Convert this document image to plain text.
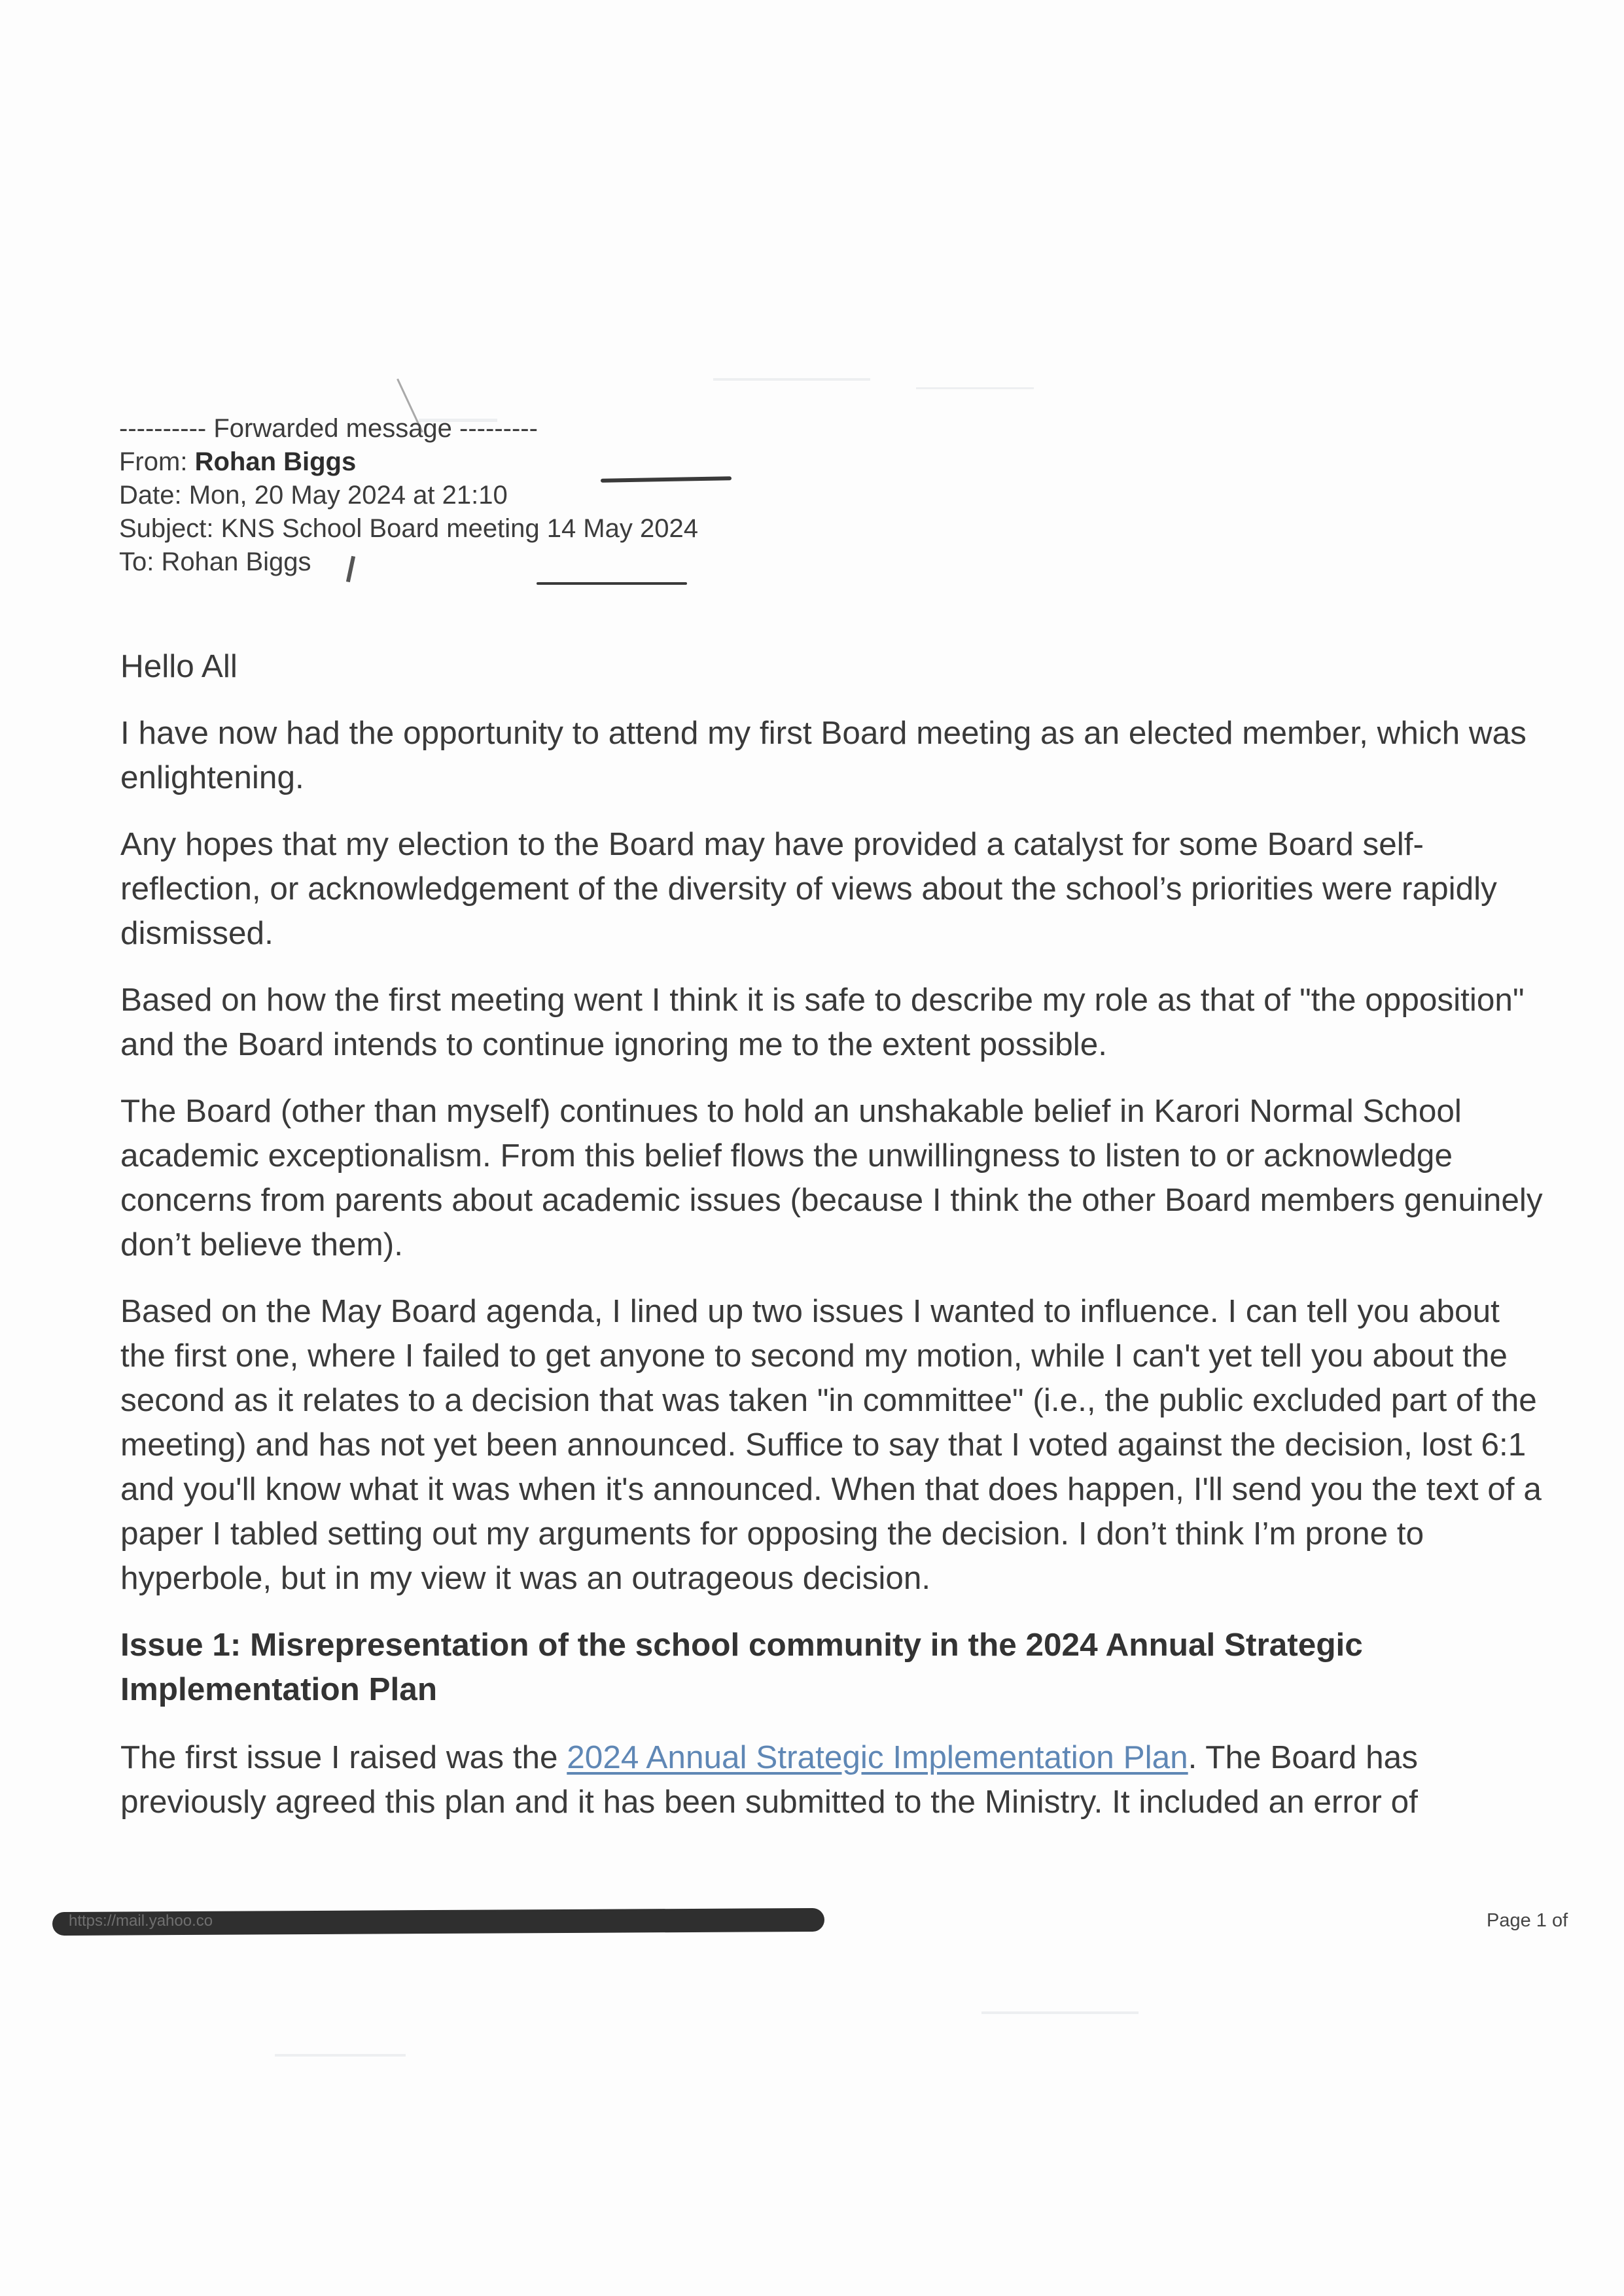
---------- Forwarded message ---------
From: Rohan Biggs
Date: Mon, 20 May 2024 at 21:10
Subject: KNS School Board meeting 14 May 2024
To: Rohan Biggs

Hello All

I have now had the opportunity to attend my first Board meeting as an elected member, which was enlightening.

Any hopes that my election to the Board may have provided a catalyst for some Board self-reflection, or acknowledgement of the diversity of views about the school’s priorities were rapidly dismissed.

Based on how the first meeting went I think it is safe to describe my role as that of "the opposition" and the Board intends to continue ignoring me to the extent possible.

The Board (other than myself) continues to hold an unshakable belief in Karori Normal School academic exceptionalism. From this belief flows the unwillingness to listen to or acknowledge concerns from parents about academic issues (because I think the other Board members genuinely don’t believe them).

Based on the May Board agenda, I lined up two issues I wanted to influence. I can tell you about the first one, where I failed to get anyone to second my motion, while I can't yet tell you about the second as it relates to a decision that was taken "in committee" (i.e., the public excluded part of the meeting) and has not yet been announced. Suffice to say that I voted against the decision, lost 6:1 and you'll know what it was when it's announced. When that does happen, I'll send you the text of a paper I tabled setting out my arguments for opposing the decision. I don’t think I’m prone to hyperbole, but in my view it was an outrageous decision.

Issue 1: Misrepresentation of the school community in the 2024 Annual Strategic Implementation Plan

The first issue I raised was the 2024 Annual Strategic Implementation Plan. The Board has previously agreed this plan and it has been submitted to the Ministry. It included an error of

https://mail.yahoo.co	Page 1 of
